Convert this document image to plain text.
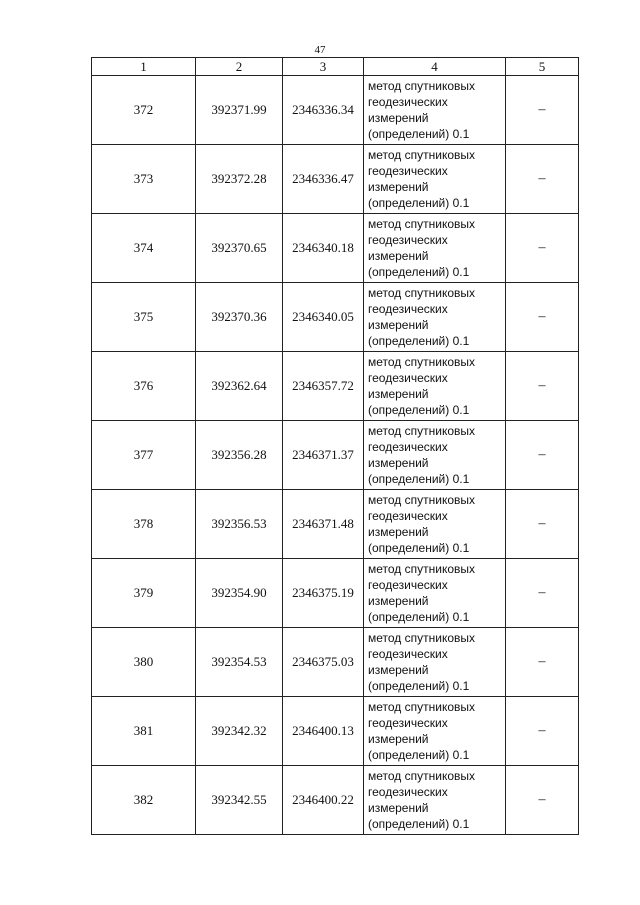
47
1	2	3	4	5
372	392371.99	2346336.34	метод спутниковых
геодезических
измерений
(определений) 0.1	–
373	392372.28	2346336.47	метод спутниковых
геодезических
измерений
(определений) 0.1	–
374	392370.65	2346340.18	метод спутниковых
геодезических
измерений
(определений) 0.1	–
375	392370.36	2346340.05	метод спутниковых
геодезических
измерений
(определений) 0.1	–
376	392362.64	2346357.72	метод спутниковых
геодезических
измерений
(определений) 0.1	–
377	392356.28	2346371.37	метод спутниковых
геодезических
измерений
(определений) 0.1	–
378	392356.53	2346371.48	метод спутниковых
геодезических
измерений
(определений) 0.1	–
379	392354.90	2346375.19	метод спутниковых
геодезических
измерений
(определений) 0.1	–
380	392354.53	2346375.03	метод спутниковых
геодезических
измерений
(определений) 0.1	–
381	392342.32	2346400.13	метод спутниковых
геодезических
измерений
(определений) 0.1	–
382	392342.55	2346400.22	метод спутниковых
геодезических
измерений
(определений) 0.1	–
